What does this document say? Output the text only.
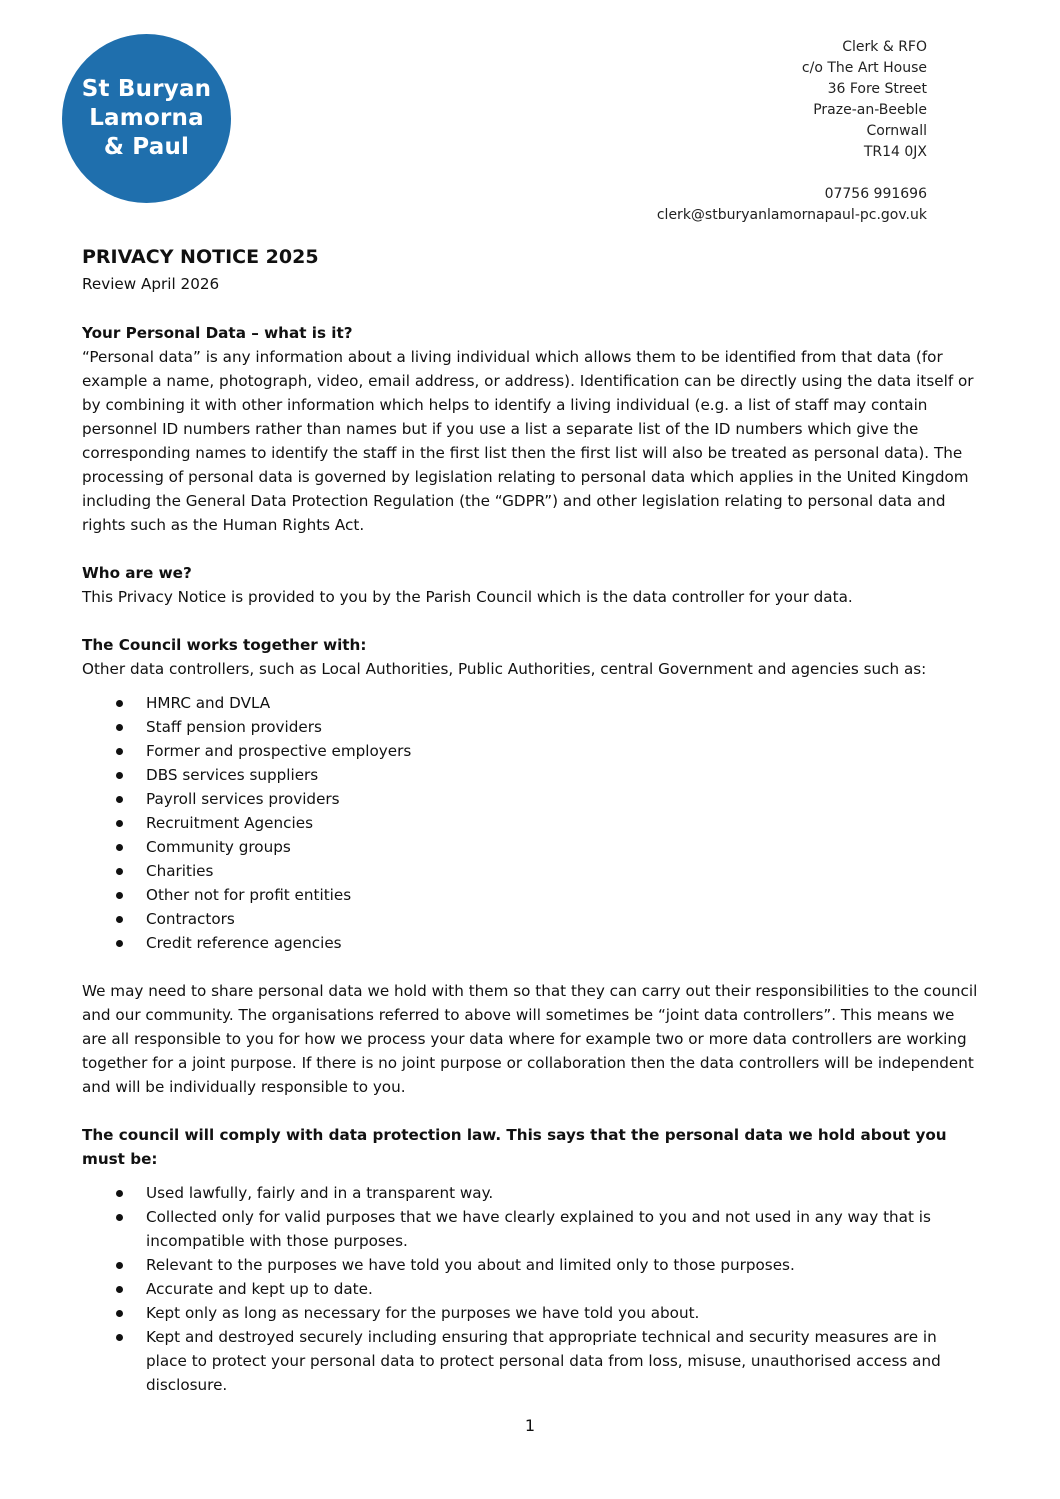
St Buryan
Lamorna
& Paul
Clerk & RFO
c/o The Art House
36 Fore Street
Praze-an-Beeble
Cornwall
TR14 0JX
07756 991696
clerk@stburyanlamornapaul-pc.gov.uk
PRIVACY NOTICE 2025

Review April 2026

Your Personal Data – what is it?

“Personal data” is any information about a living individual which allows them to be identified from that data (for example a name, photograph, video, email address, or address). Identification can be directly using the data itself or by combining it with other information which helps to identify a living individual (e.g. a list of staff may contain personnel ID numbers rather than names but if you use a list a separate list of the ID numbers which give the corresponding names to identify the staff in the first list then the first list will also be treated as personal data). The processing of personal data is governed by legislation relating to personal data which applies in the United Kingdom including the General Data Protection Regulation (the “GDPR”) and other legislation relating to personal data and rights such as the Human Rights Act.

Who are we?

This Privacy Notice is provided to you by the Parish Council which is the data controller for your data.

The Council works together with:

Other data controllers, such as Local Authorities, Public Authorities, central Government and agencies such as:

HMRC and DVLA
Staff pension providers
Former and prospective employers
DBS services suppliers
Payroll services providers
Recruitment Agencies
Community groups
Charities
Other not for profit entities
Contractors
Credit reference agencies

We may need to share personal data we hold with them so that they can carry out their responsibilities to the council and our community. The organisations referred to above will sometimes be “joint data controllers”. This means we are all responsible to you for how we process your data where for example two or more data controllers are working together for a joint purpose. If there is no joint purpose or collaboration then the data controllers will be independent and will be individually responsible to you.

The council will comply with data protection law. This says that the personal data we hold about you must be:

Used lawfully, fairly and in a transparent way.
Collected only for valid purposes that we have clearly explained to you and not used in any way that is incompatible with those purposes.
Relevant to the purposes we have told you about and limited only to those purposes.
Accurate and kept up to date.
Kept only as long as necessary for the purposes we have told you about.
Kept and destroyed securely including ensuring that appropriate technical and security measures are in place to protect your personal data to protect personal data from loss, misuse, unauthorised access and disclosure.
1
